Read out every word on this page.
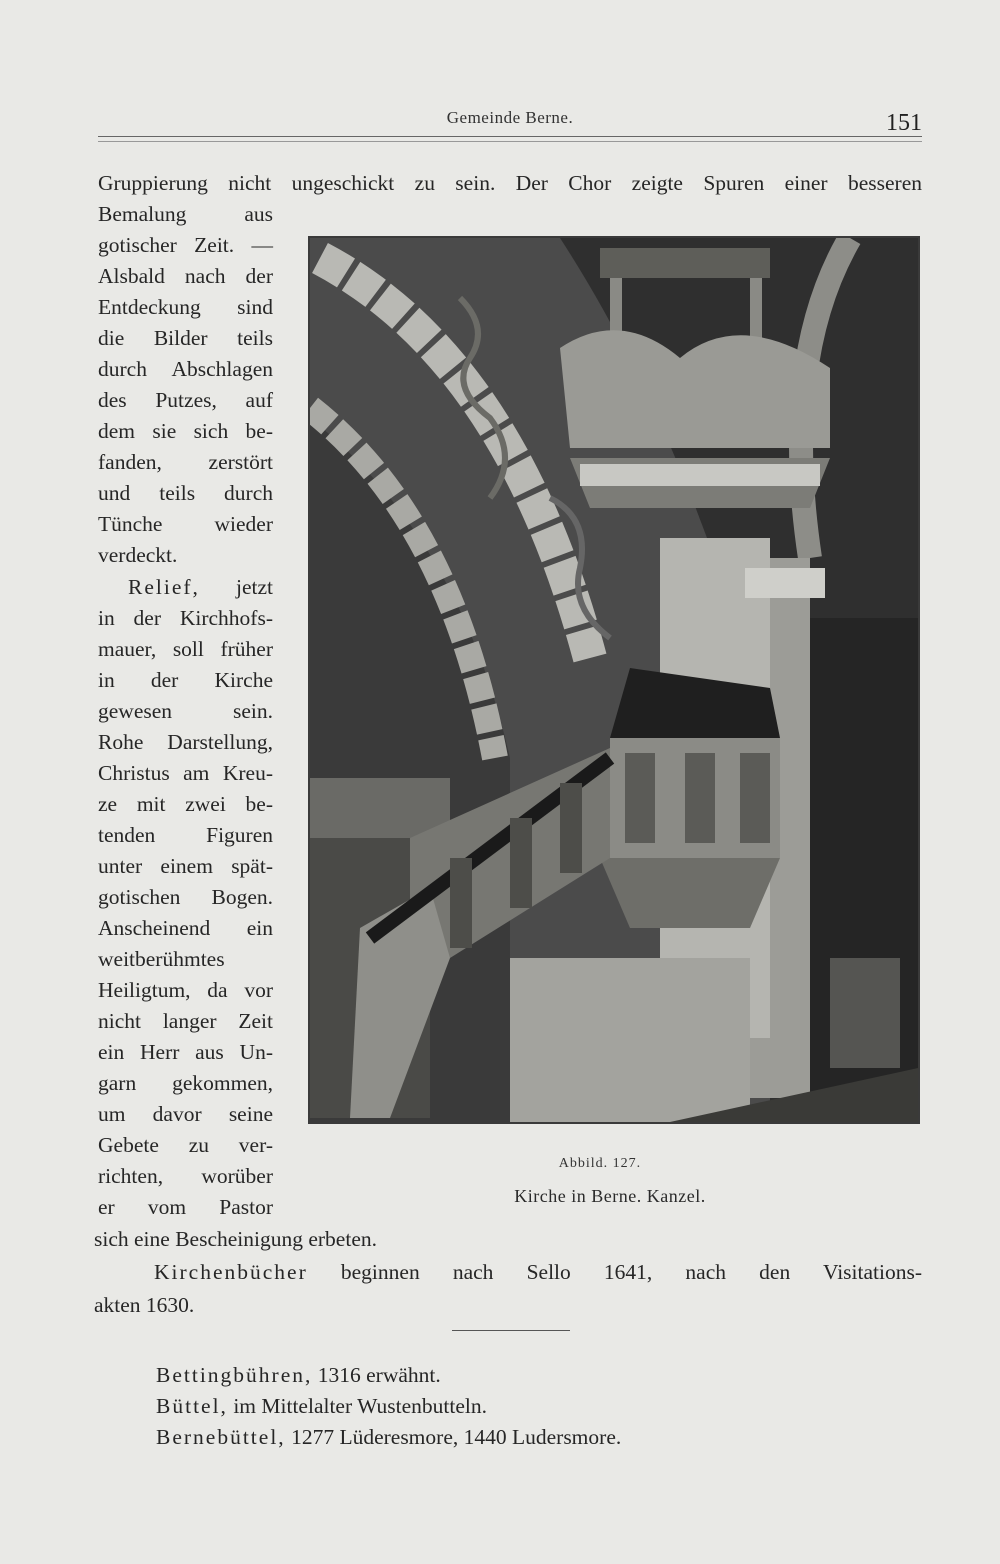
Gemeinde Berne.	151
Gruppierung nicht ungeschickt zu sein. Der Chor zeigte Spuren einer besseren
Bemalung aus
gotischer Zeit. —
Alsbald nach der
Entdeckung sind
die Bilder teils
durch Abschlagen
des Putzes, auf
dem sie sich be-
fanden, zerstört
und teils durch
Tünche wieder
verdeckt.
Relief, jetzt
in der Kirchhofs-
mauer, soll früher
in der Kirche
gewesen sein.
Rohe Darstellung,
Christus am Kreu-
ze mit zwei be-
tenden Figuren
unter einem spät-
gotischen Bogen.
Anscheinend ein
weitberühmtes
Heiligtum, da vor
nicht langer Zeit
ein Herr aus Un-
garn gekommen,
um davor seine
Gebete zu ver-
richten, worüber
er vom Pastor
sich eine Bescheinigung erbeten.
Kirchenbücher beginnen nach Sello 1641, nach den Visitations-
akten 1630.
Abbild. 127.
Kirche in Berne. Kanzel.
Bettingbühren, 1316 erwähnt.
Büttel, im Mittelalter Wustenbutteln.
Bernebüttel, 1277 Lüderesmore, 1440 Ludersmore.
